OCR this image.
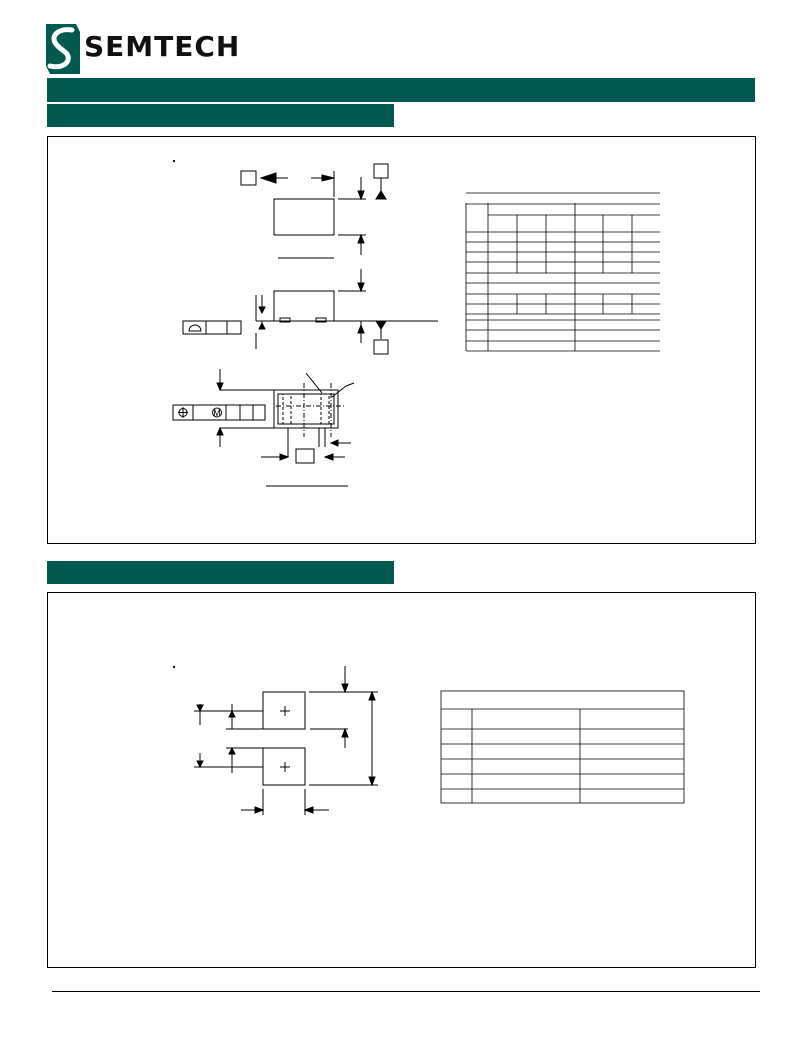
SEMTECH
M
